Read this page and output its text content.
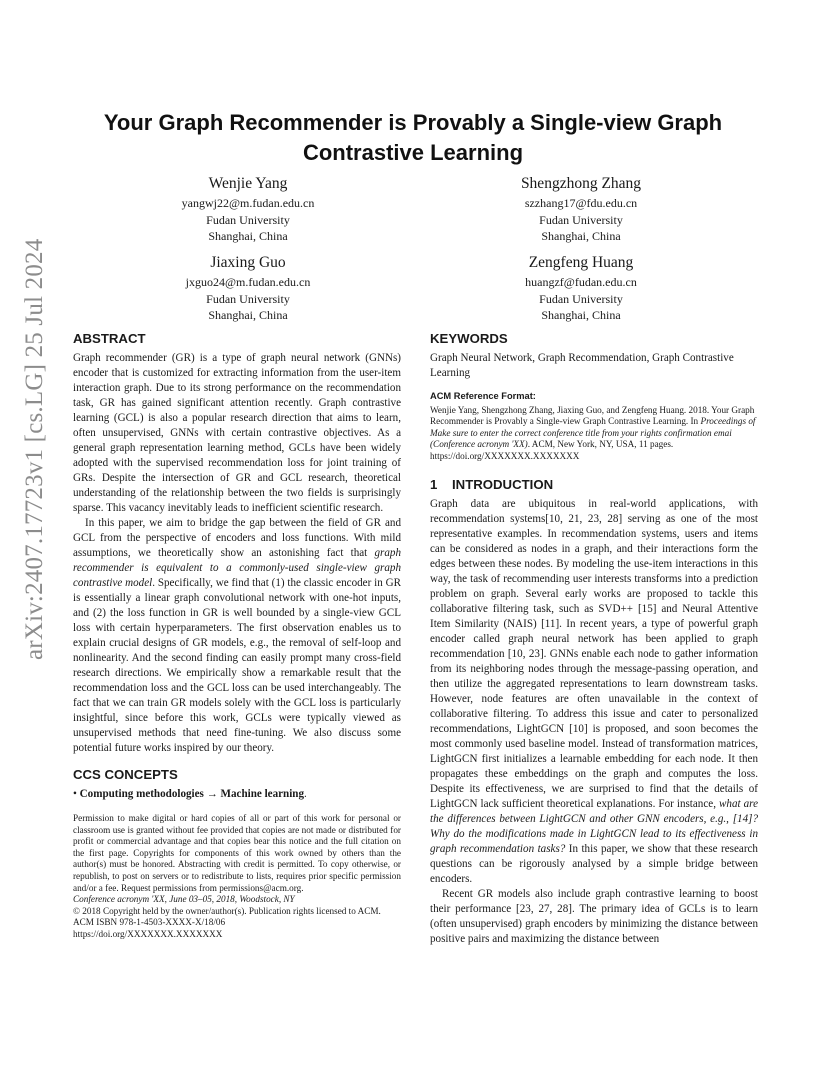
arXiv:2407.17723v1 [cs.LG] 25 Jul 2024
Your Graph Recommender is Provably a Single-view Graph
Contrastive Learning
Wenjie Yang
yangwj22@m.fudan.edu.cn
Fudan University
Shanghai, China
Shengzhong Zhang
szzhang17@fdu.edu.cn
Fudan University
Shanghai, China
Jiaxing Guo
jxguo24@m.fudan.edu.cn
Fudan University
Shanghai, China
Zengfeng Huang
huangzf@fudan.edu.cn
Fudan University
Shanghai, China
ABSTRACT

Graph recommender (GR) is a type of graph neural network (GNNs) encoder that is customized for extracting information from the user-item interaction graph. Due to its strong performance on the recommendation task, GR has gained significant attention recently. Graph contrastive learning (GCL) is also a popular research direction that aims to learn, often unsupervised, GNNs with certain contrastive objectives. As a general graph representation learning method, GCLs have been widely adopted with the supervised recommendation loss for joint training of GRs. Despite the intersection of GR and GCL research, theoretical understanding of the relationship between the two fields is surprisingly sparse. This vacancy inevitably leads to inefficient scientific research.

In this paper, we aim to bridge the gap between the field of GR and GCL from the perspective of encoders and loss functions. With mild assumptions, we theoretically show an astonishing fact that graph recommender is equivalent to a commonly-used single-view graph contrastive model. Specifically, we find that (1) the classic encoder in GR is essentially a linear graph convolutional network with one-hot inputs, and (2) the loss function in GR is well bounded by a single-view GCL loss with certain hyperparameters. The first observation enables us to explain crucial designs of GR models, e.g., the removal of self-loop and nonlinearity. And the second finding can easily prompt many cross-field research directions. We empirically show a remarkable result that the recommendation loss and the GCL loss can be used interchangeably. The fact that we can train GR models solely with the GCL loss is particularly insightful, since before this work, GCLs were typically viewed as unsupervised methods that need fine-tuning. We also discuss some potential future works inspired by our theory.

CCS CONCEPTS
• Computing methodologies → Machine learning.

Permission to make digital or hard copies of all or part of this work for personal or classroom use is granted without fee provided that copies are not made or distributed for profit or commercial advantage and that copies bear this notice and the full citation on the first page. Copyrights for components of this work owned by others than the author(s) must be honored. Abstracting with credit is permitted. To copy otherwise, or republish, to post on servers or to redistribute to lists, requires prior specific permission and/or a fee. Request permissions from permissions@acm.org.

Conference acronym 'XX, June 03–05, 2018, Woodstock, NY

© 2018 Copyright held by the owner/author(s). Publication rights licensed to ACM.

ACM ISBN 978-1-4503-XXXX-X/18/06

https://doi.org/XXXXXXX.XXXXXXX

KEYWORDS

Graph Neural Network, Graph Recommendation, Graph Contrastive Learning

ACM Reference Format:

Wenjie Yang, Shengzhong Zhang, Jiaxing Guo, and Zengfeng Huang. 2018. Your Graph Recommender is Provably a Single-view Graph Contrastive Learning. In Proceedings of Make sure to enter the correct conference title from your rights confirmation emai (Conference acronym 'XX). ACM, New York, NY, USA, 11 pages. https://doi.org/XXXXXXX.XXXXXXX

1 INTRODUCTION

Graph data are ubiquitous in real-world applications, with recommendation systems[10, 21, 23, 28] serving as one of the most representative examples. In recommendation systems, users and items can be considered as nodes in a graph, and their interactions form the edges between these nodes. By modeling the use-item interactions in this way, the task of recommending user interests transforms into a prediction problem on graph. Several early works are proposed to tackle this collaborative filtering task, such as SVD++ [15] and Neural Attentive Item Similarity (NAIS) [11]. In recent years, a type of powerful graph encoder called graph neural network has been applied to graph recommendation [10, 23]. GNNs enable each node to gather information from its neighboring nodes through the message-passing operation, and then utilize the aggregated representations to learn downstream tasks. However, node features are often unavailable in the context of collaborative filtering. To address this issue and cater to personalized recommendations, LightGCN [10] is proposed, and soon becomes the most commonly used baseline model. Instead of transformation matrices, LightGCN first initializes a learnable embedding for each node. It then propagates these embeddings on the graph and computes the loss. Despite its effectiveness, we are surprised to find that the details of LightGCN lack sufficient theoretical explanations. For instance, what are the differences between LightGCN and other GNN encoders, e.g., [14]? Why do the modifications made in LightGCN lead to its effectiveness in graph recommendation tasks? In this paper, we show that these research questions can be rigorously analysed by a simple bridge between encoders.

Recent GR models also include graph contrastive learning to boost their performance [23, 27, 28]. The primary idea of GCLs is to learn (often unsupervised) graph encoders by minimizing the distance between positive pairs and maximizing the distance between
